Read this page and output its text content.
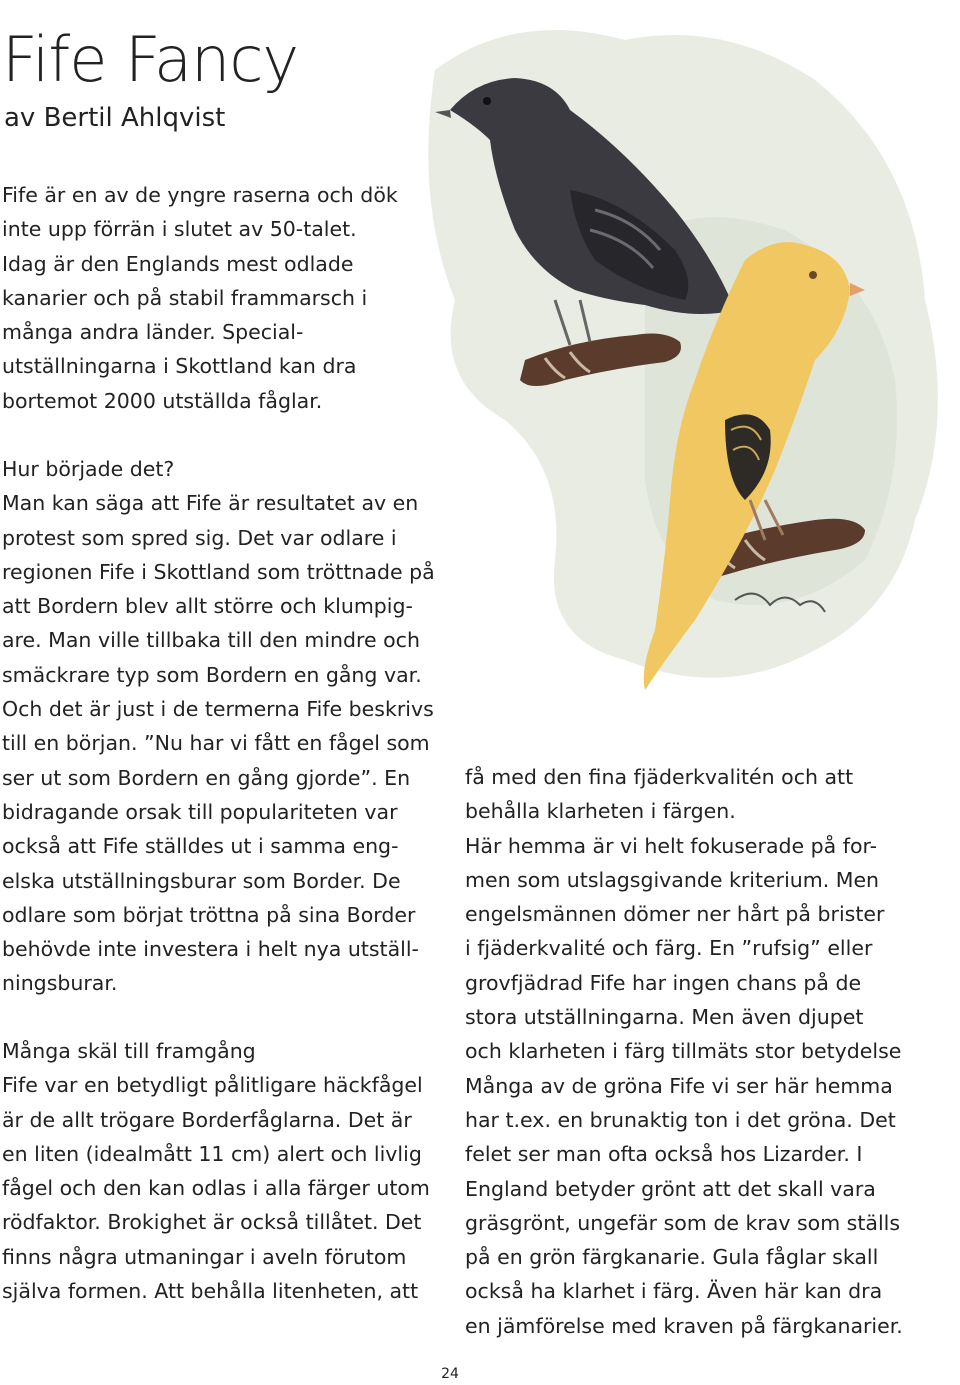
Fife Fancy
av Bertil Ahlqvist

Fife är en av de yngre raserna och dök
inte upp förrän i slutet av 50-talet.
Idag är den Englands mest odlade
kanarier och på stabil frammarsch i
många andra länder. Special-
utställningarna i Skottland kan dra
bortemot 2000 utställda fåglar.

Hur började det?

Man kan säga att Fife är resultatet av en
protest som spred sig. Det var odlare i
regionen Fife i Skottland som tröttnade på
att Bordern blev allt större och klumpig-
are. Man ville tillbaka till den mindre och
smäckrare typ som Bordern en gång var.
Och det är just i de termerna Fife beskrivs
till en början. ”Nu har vi fått en fågel som
ser ut som Bordern en gång gjorde”. En
bidragande orsak till populariteten var
också att Fife ställdes ut i samma eng-
elska utställningsburar som Border. De
odlare som börjat tröttna på sina Border
behövde inte investera i helt nya utställ-
ningsburar.

Många skäl till framgång

Fife var en betydligt pålitligare häckfågel
är de allt trögare Borderfåglarna. Det är
en liten (idealmått 11 cm) alert och livlig
fågel och den kan odlas i alla färger utom
rödfaktor. Brokighet är också tillåtet. Det
finns några utmaningar i aveln förutom
själva formen. Att behålla litenheten, att

få med den fina fjäderkvalitén och att
behålla klarheten i färgen.
Här hemma är vi helt fokuserade på for-
men som utslagsgivande kriterium. Men
engelsmännen dömer ner hårt på brister
i fjäderkvalité och färg. En ”rufsig” eller
grovfjädrad Fife har ingen chans på de
stora utställningarna. Men även djupet
och klarheten i färg tillmäts stor betydelse
Många av de gröna Fife vi ser här hemma
har t.ex. en brunaktig ton i det gröna. Det
felet ser man ofta också hos Lizarder. I
England betyder grönt att det skall vara
gräsgrönt, ungefär som de krav som ställs
på en grön färgkanarie. Gula fåglar skall
också ha klarhet i färg. Även här kan dra
en jämförelse med kraven på färgkanarier.

24
